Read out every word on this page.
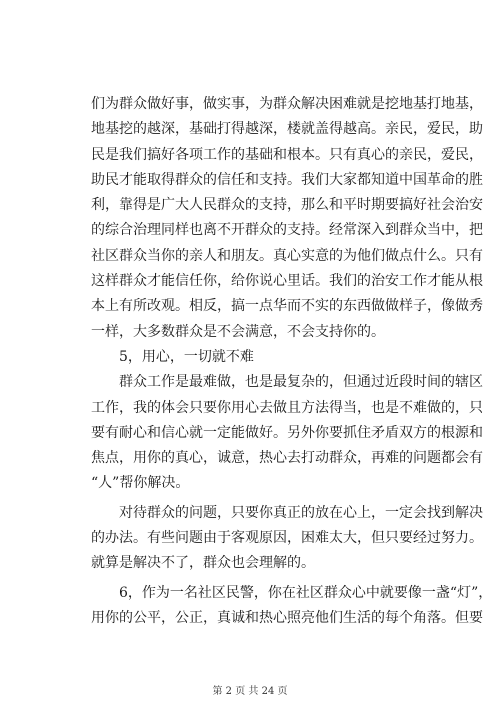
们为群众做好事，做实事，为群众解决困难就是挖地基打地基，
地基挖的越深，基础打得越深，楼就盖得越高。亲民，爱民，助
民是我们搞好各项工作的基础和根本。只有真心的亲民，爱民，
助民才能取得群众的信任和支持。我们大家都知道中国革命的胜
利，靠得是广大人民群众的支持，那么和平时期要搞好社会治安
的综合治理同样也离不开群众的支持。经常深入到群众当中，把
社区群众当你的亲人和朋友。真心实意的为他们做点什么。只有
这样群众才能信任你，给你说心里话。我们的治安工作才能从根
本上有所改观。相反，搞一点华而不实的东西做做样子，像做秀
一样，大多数群众是不会满意，不会支持你的。
5，用心，一切就不难
群众工作是最难做，也是最复杂的，但通过近段时间的辖区
工作，我的体会只要你用心去做且方法得当，也是不难做的，只
要有耐心和信心就一定能做好。另外你要抓住矛盾双方的根源和
焦点，用你的真心，诚意，热心去打动群众，再难的问题都会有
“人”帮你解决。
对待群众的问题，只要你真正的放在心上，一定会找到解决
的办法。有些问题由于客观原因，困难太大，但只要经过努力。
就算是解决不了，群众也会理解的。
6，作为一名社区民警，你在社区群众心中就要像一盏“灯”，
用你的公平，公正，真诚和热心照亮他们生活的每个角落。但要
第 2 页 共 24 页
